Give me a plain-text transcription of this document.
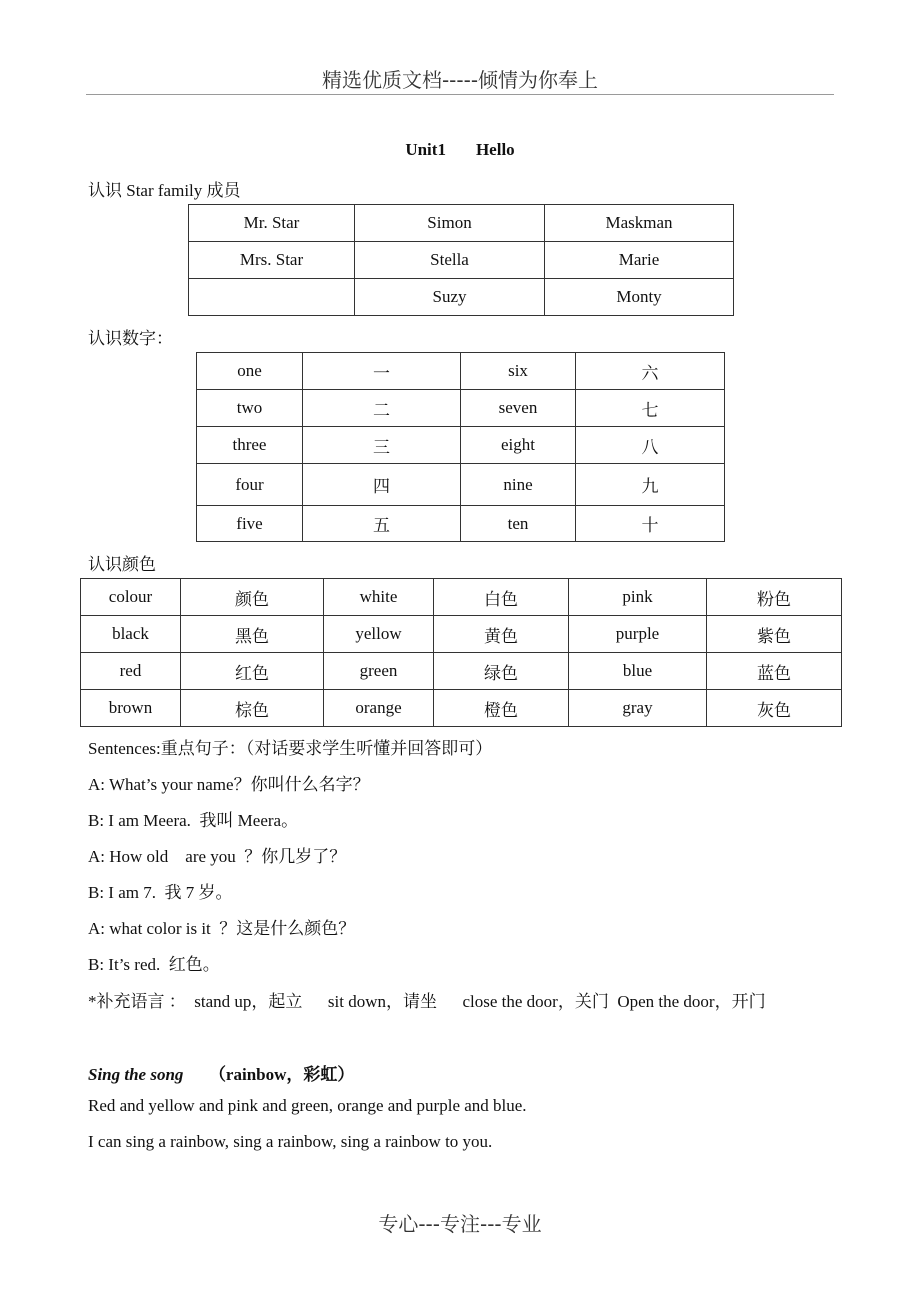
精选优质文档-----倾情为你奉上
Unit1 Hello
认识 Star family 成员
Mr. Star	Simon	Maskman
Mrs. Star	Stella	Marie
	Suzy	Monty
认识数字：
one	一	six	六
two	二	seven	七
three	三	eight	八
four	四	nine	九
five	五	ten	十
认识颜色
colour	颜色	white	白色	pink	粉色
black	黑色	yellow	黄色	purple	紫色
red	红色	green	绿色	blue	蓝色
brown	棕色	orange	橙色	gray	灰色
Sentences:重点句子：（对话要求学生听懂并回答即可）
A: What’s your name？你叫什么名字？
B: I am Meera.  我叫 Meera。
A: How old    are you  ？你几岁了？
B: I am 7.  我 7 岁。
A: what color is it  ？这是什么颜色？
B: It’s red.  红色。
*补充语言 ：  stand up，起立      sit down，请坐      close the door，关门  Open the door，开门
Sing the song （rainbow，彩虹）
Red and yellow and pink and green, orange and purple and blue.
I can sing a rainbow, sing a rainbow, sing a rainbow to you.
专心---专注---专业
